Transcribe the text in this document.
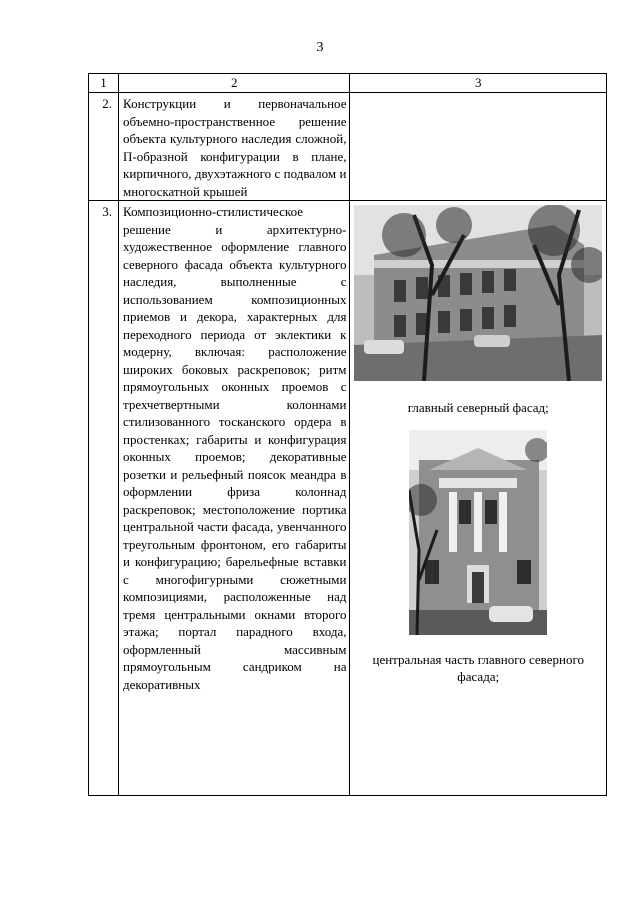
3
1	2	3
2.	Конструкции и первоначальное объемно-пространственное решение объекта культурного наследия сложной, П-образной конфигурации в плане, кирпичного, двухэтажного с подвалом и многоскатной крышей	

3.	Композиционно-стилистическое решение и архитектурно-художественное оформление главного северного фасада объекта культурного наследия, выполненные с использованием композиционных приемов и декора, характерных для переходного периода от эклектики к модерну, включая: расположение широких боковых раскреповок; ритм прямоугольных оконных проемов с трехчетвертными колоннами стилизованного тосканского ордера в простенках; габариты и конфигурация оконных проемов; декоративные розетки и рельефный поясок меандра в оформлении фриза колоннад раскреповок; местоположение портика центральной части фасада, увенчанного треугольным фронтоном, его габариты и конфигурацию; барельефные вставки с многофигурными сюжетными композициями, расположенные над тремя центральными окнами второго этажа; портал парадного входа, оформленный массивным прямоугольным сандриком на декоративных	главный северный фасад;
центральная часть главного северного фасада;
